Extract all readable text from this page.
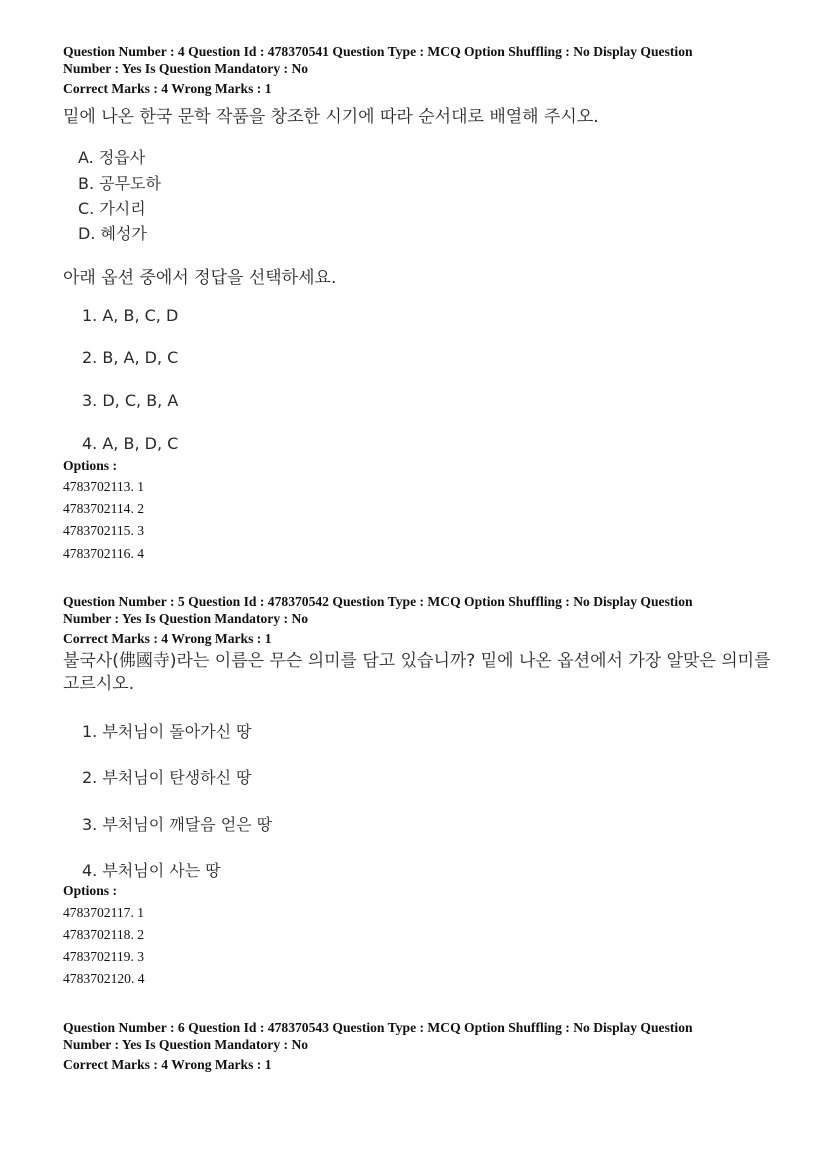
Question Number : 4 Question Id : 478370541 Question Type : MCQ Option Shuffling : No Display Question
Number : Yes Is Question Mandatory : No
Correct Marks : 4 Wrong Marks : 1
밑에 나온 한국 문학 작품을 창조한 시기에 따라 순서대로 배열해 주시오.
A. 정읍사
B. 공무도하
C. 가시리
D. 혜성가
아래 옵션 중에서 정답을 선택하세요.
1. A, B, C, D
2. B, A, D, C
3. D, C, B, A
4. A, B, D, C
Options :
4783702113. 1
4783702114. 2
4783702115. 3
4783702116. 4
Question Number : 5 Question Id : 478370542 Question Type : MCQ Option Shuffling : No Display Question
Number : Yes Is Question Mandatory : No
Correct Marks : 4 Wrong Marks : 1
불국사(佛國寺)라는 이름은 무슨 의미를 담고 있습니까? 밑에 나온 옵션에서 가장 알맞은 의미를 고르시오.
1. 부처님이 돌아가신 땅
2. 부처님이 탄생하신 땅
3. 부처님이 깨달음 얻은 땅
4. 부처님이 사는 땅
Options :
4783702117. 1
4783702118. 2
4783702119. 3
4783702120. 4
Question Number : 6 Question Id : 478370543 Question Type : MCQ Option Shuffling : No Display Question
Number : Yes Is Question Mandatory : No
Correct Marks : 4 Wrong Marks : 1
